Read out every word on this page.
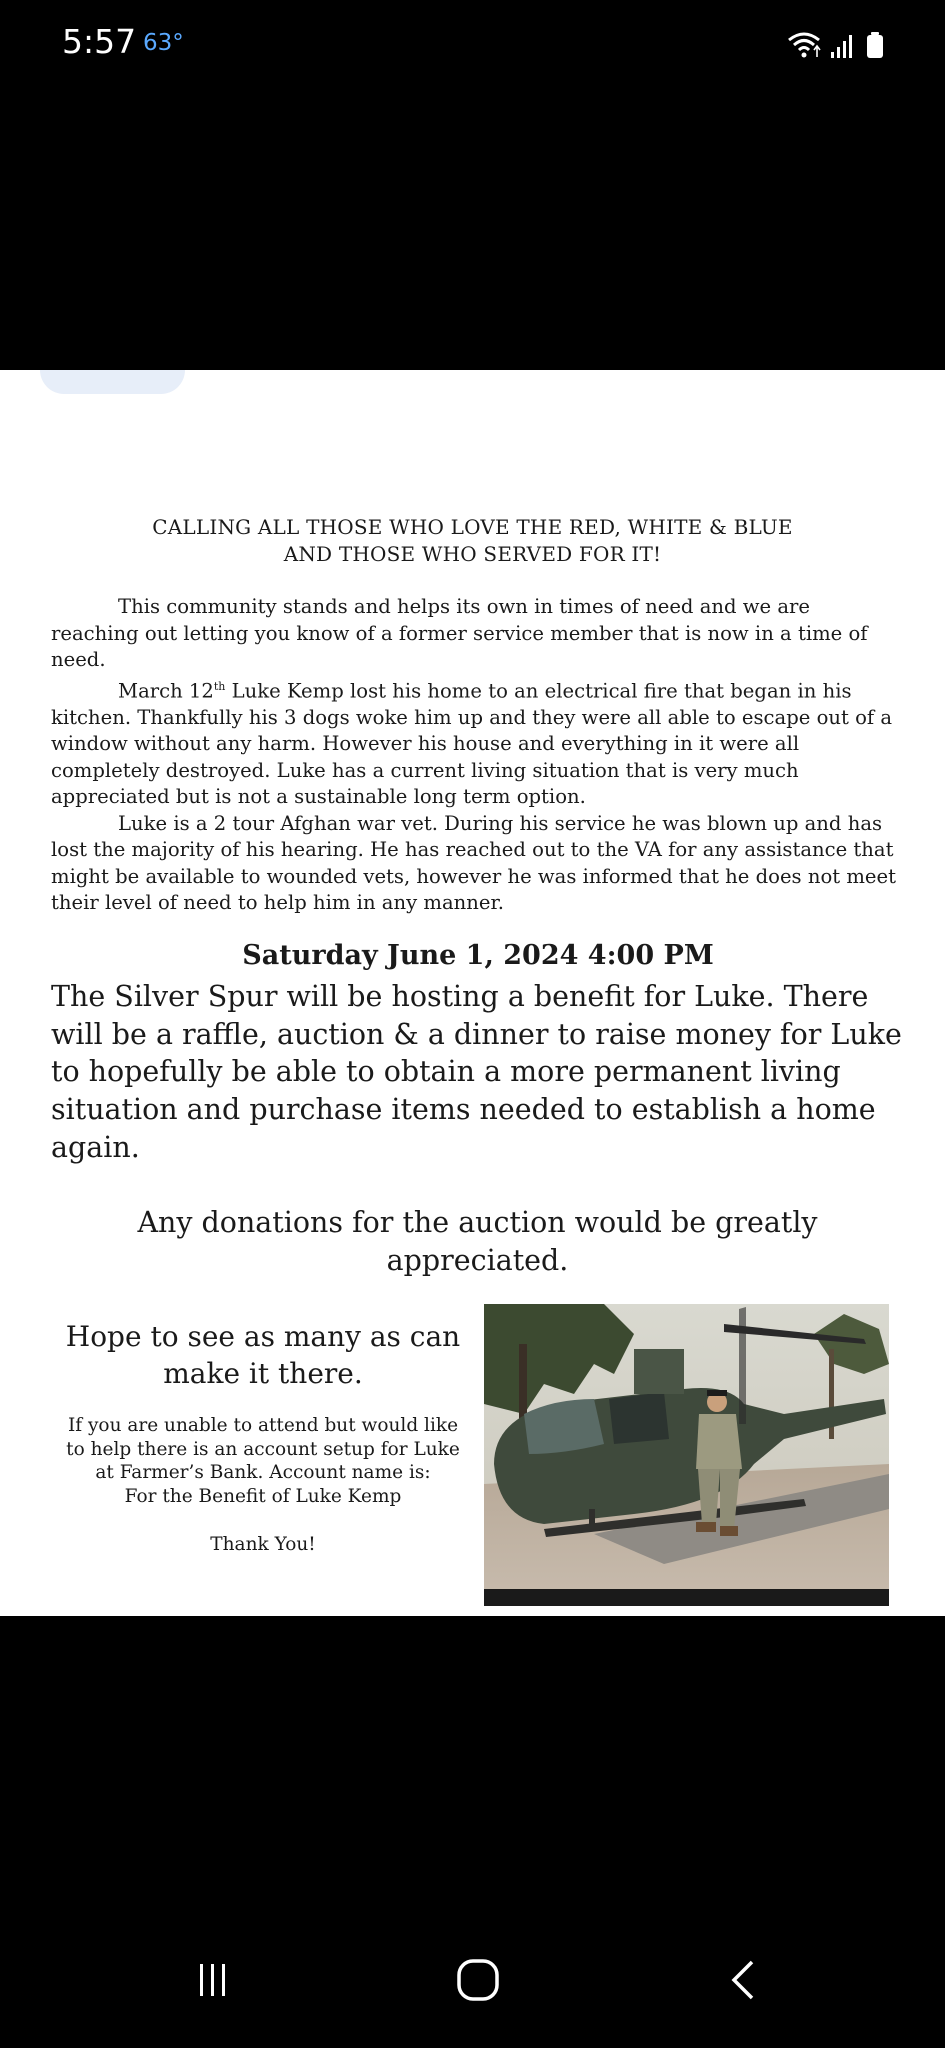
5:57 63°
CALLING ALL THOSE WHO LOVE THE RED, WHITE & BLUE
AND THOSE WHO SERVED FOR IT!

This community stands and helps its own in times of need and we are reaching out letting you know of a former service member that is now in a time of need.

March 12th Luke Kemp lost his home to an electrical fire that began in his kitchen. Thankfully his 3 dogs woke him up and they were all able to escape out of a window without any harm. However his house and everything in it were all completely destroyed. Luke has a current living situation that is very much appreciated but is not a sustainable long term option.

Luke is a 2 tour Afghan war vet. During his service he was blown up and has lost the majority of his hearing. He has reached out to the VA for any assistance that might be available to wounded vets, however he was informed that he does not meet their level of need to help him in any manner.

Saturday June 1, 2024 4:00 PM
The Silver Spur will be hosting a benefit for Luke. There will be a raffle, auction & a dinner to raise money for Luke to hopefully be able to obtain a more permanent living situation and purchase items needed to establish a home again.
Any donations for the auction would be greatly appreciated.
Hope to see as many as can
make it there.
If you are unable to attend but would like
to help there is an account setup for Luke
at Farmer’s Bank. Account name is:
For the Benefit of Luke Kemp
Thank You!
